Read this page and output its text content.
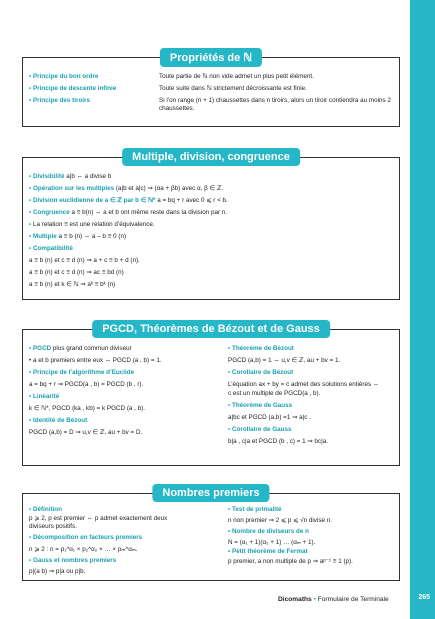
Propriétés de ℕ
• Principe du bon ordre	Toute partie de ℕ non vide admet un plus petit élément.
• Principe de descente infinie	Toute suite dans ℕ strictement décroissante est finie.
• Principe des tiroirs	Si l’on range (n + 1) chaussettes dans n tiroirs, alors un tiroir contiendra au moins 2 chaussettes.
Multiple, division, congruence
• Divisibilité a|b ⇔ a divise b
• Opération sur les multiples (a|b et a|c) ⇒ (αa + βb) avec α, β ∈ ℤ.
• Division euclidienne de a ∈ ℤ par b ∈ ℕ* a = bq + r avec 0 ⩽ r < b.
• Congruence a ≡ b(n) ⇔ a et b ont même reste dans la division par n.
• La relation ≡ est une relation d’équivalence.
• Multiple a ≡ b (n) ⇔ a – b ≡ 0 (n)
• Compatibilité
a ≡ b (n) et c ≡ d (n) ⇒ a + c ≡ b + d (n).
a ≡ b (n) et c ≡ d (n) ⇒ ac ≡ bd (n)
a ≡ b (n) et k ∈ ℕ ⇒ aᵏ ≡ bᵏ (n)
PGCD, Théorèmes de Bézout et de Gauss
• PGCD plus grand commun diviseur
• a et b premiers entre eux ⇔ PGCD (a , b) = 1.
• Principe de l’algorithme d’Euclide
a = bq + r ⇒ PGCD(a , b) = PGCD (b , r).
• Linéarité
k ∈ ℕ*, PGCD (ka , kb) = k PGCD (a , b).
• Identité de Bézout
PGCD (a,b) = D ⇒ u,v ∈ ℤ, au + bv = D.
• Théorème de Bézout
PGCD (a,b) = 1 ⇔ u,v ∈ ℤ, au + bv = 1.
• Corollaire de Bézout
L’équation ax + by = c admet des solutions entières ⇔
c est un multiple de PGCD(a , b).
• Théorème de Gauss
a|bc et PGCD (a,b) =1 ⇒ a|c .
• Corollaire de Gauss
b|a , c|a et PGCD (b , c) = 1 ⇒ bc|a.
Nombres premiers
• Définition
p ⩾ 2, p est premier ⇔ p admet exactement deux
diviseurs positifs.
• Décomposition en facteurs premiers
n ⩾ 2 : n = p₁^α₁ × p₂^α₂ × … × pₘ^αₘ.
• Gauss et nombres premiers
p|(a b) ⇒ p|a ou p|b.
• Test de primalité
n non premier ⇒ 2 ⩽ p ⩽ √n divise n.
• Nombre de diviseurs de n
N = (α₁ + 1)(α₂ + 1) … (αₘ + 1).
• Petit théorème de Fermat
p premier, a non multiple de p ⇒ aᵖ⁻¹ ≡ 1 (p).
Dicomaths • Formulaire de Terminale	265
